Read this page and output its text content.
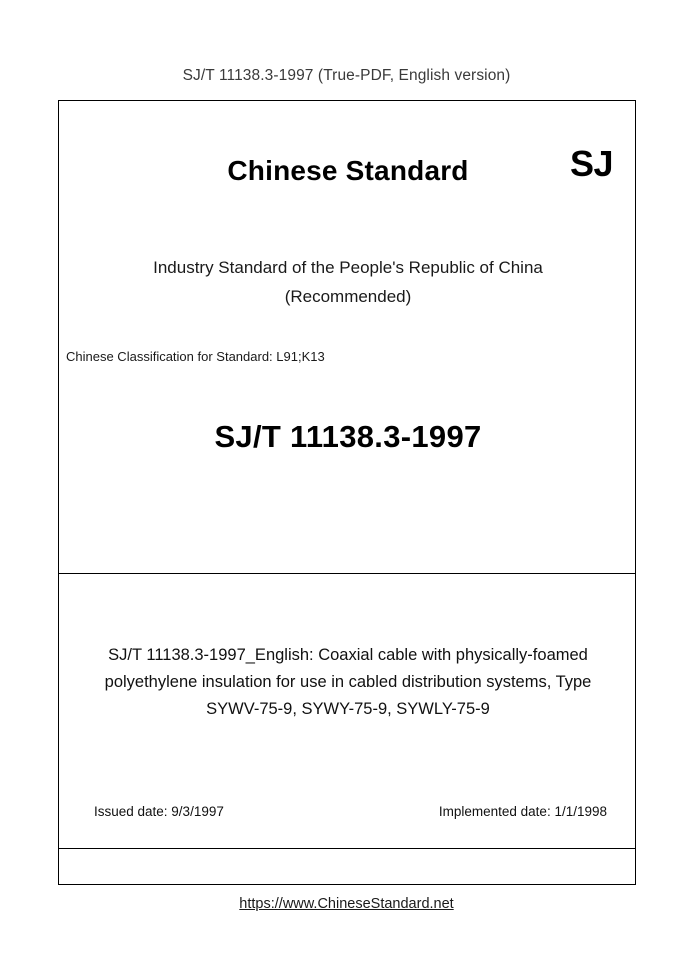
SJ/T 11138.3-1997 (True-PDF, English version)
Chinese Standard	SJ
Industry Standard of the People's Republic of China
(Recommended)
Chinese Classification for Standard: L91;K13
SJ/T 11138.3-1997
SJ/T 11138.3-1997_English: Coaxial cable with physically-foamed polyethylene insulation for use in cabled distribution systems, Type SYWV-75-9, SYWY-75-9, SYWLY-75-9
Issued date: 9/3/1997	Implemented date: 1/1/1998
https://www.ChineseStandard.net
